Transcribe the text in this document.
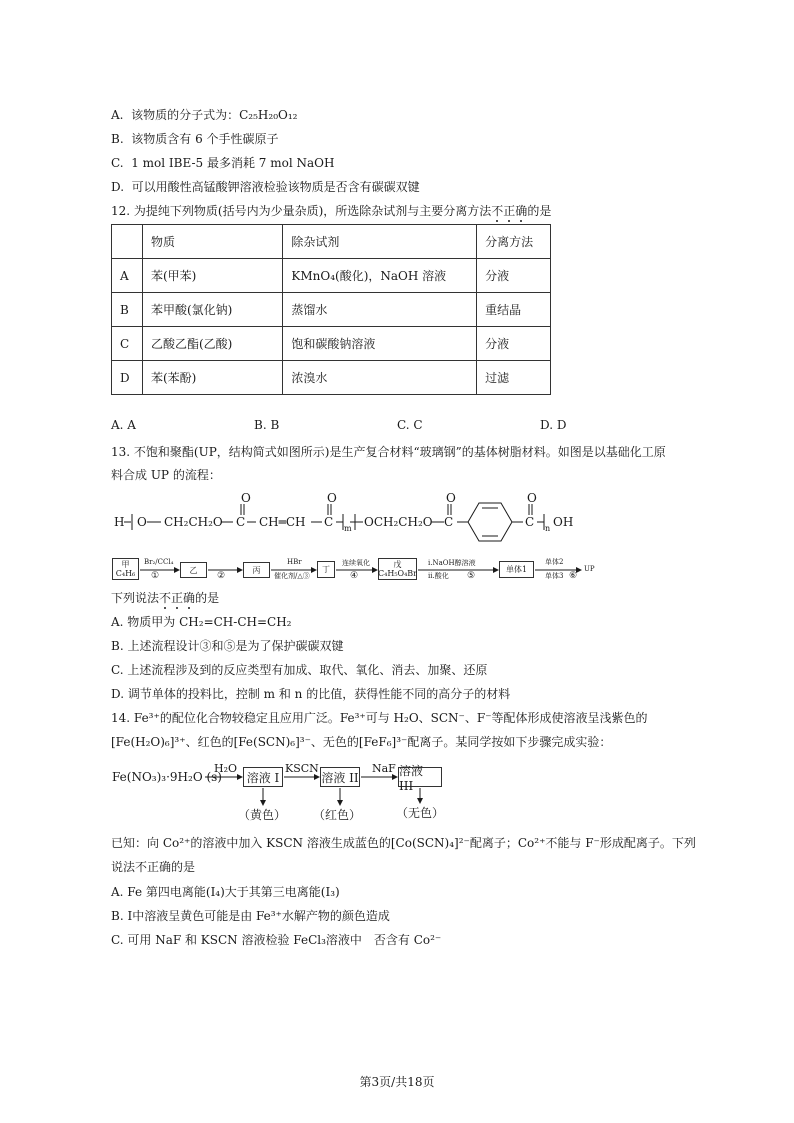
A. 该物质的分子式为：C₂₅H₂₀O₁₂
B. 该物质含有 6 个手性碳原子
C. 1 mol IBE-5 最多消耗 7 mol NaOH
D. 可以用酸性高锰酸钾溶液检验该物质是否含有碳碳双键
12. 为提纯下列物质(括号内为少量杂质)，所选除杂试剂与主要分离方法不正确的是
	物质	除杂试剂	分离方法
A	苯(甲苯)	KMnO₄(酸化)，NaOH 溶液	分液
B	苯甲酸(氯化钠)	蒸馏水	重结晶
C	乙酸乙酯(乙酸)	饱和碳酸钠溶液	分液
D	苯(苯酚)	浓溴水	过滤
A. A	B. B	C. C	D. D
13. 不饱和聚酯(UP，结构简式如图所示)是生产复合材料“玻璃钢”的基体树脂材料。如图是以基础化工原
料合成 UP 的流程：
O	O	O	O
H O CH₂CH₂O C CH═CH C m OCH₂CH₂O C	C n OH
甲
C₄H₆
Br₂/CCl₄
①
乙
②
丙
HBr
催化剂/△③
丁
连续氧化
④
戊
C₄H₅O₄Br
ⅰ.NaOH醇溶液
ⅱ.酸化 ⑤
单体1
单体2
单体3 ⑥
UP
下列说法不正确的是
A. 物质甲为 CH₂=CH-CH=CH₂
B. 上述流程设计③和⑤是为了保护碳碳双键
C. 上述流程涉及到的反应类型有加成、取代、氧化、消去、加聚、还原
D. 调节单体的投料比，控制 m 和 n 的比值，获得性能不同的高分子的材料
14. Fe³⁺的配位化合物较稳定且应用广泛。Fe³⁺可与 H₂O、SCN⁻、F⁻等配体形成使溶液呈浅紫色的
[Fe(H₂O)₆]³⁺、红色的[Fe(SCN)₆]³⁻、无色的[FeF₆]³⁻配离子。某同学按如下步骤完成实验：
Fe(NO₃)₃·9H₂O (s)
H₂O
溶液 I
KSCN
溶液 II
NaF 溶液 III
（黄色） （红色）	（无色）
已知：向 Co²⁺的溶液中加入 KSCN 溶液生成蓝色的[Co(SCN)₄]²⁻配离子；Co²⁺不能与 F⁻形成配离子。下列
说法不正确的是
A. Fe 第四电离能(I₄)大于其第三电离能(I₃)
B. I中溶液呈黄色可能是由 Fe³⁺水解产物的颜色造成
C. 可用 NaF 和 KSCN 溶液检验 FeCl₃溶液中　否含有 Co²⁻
第3页/共18页
